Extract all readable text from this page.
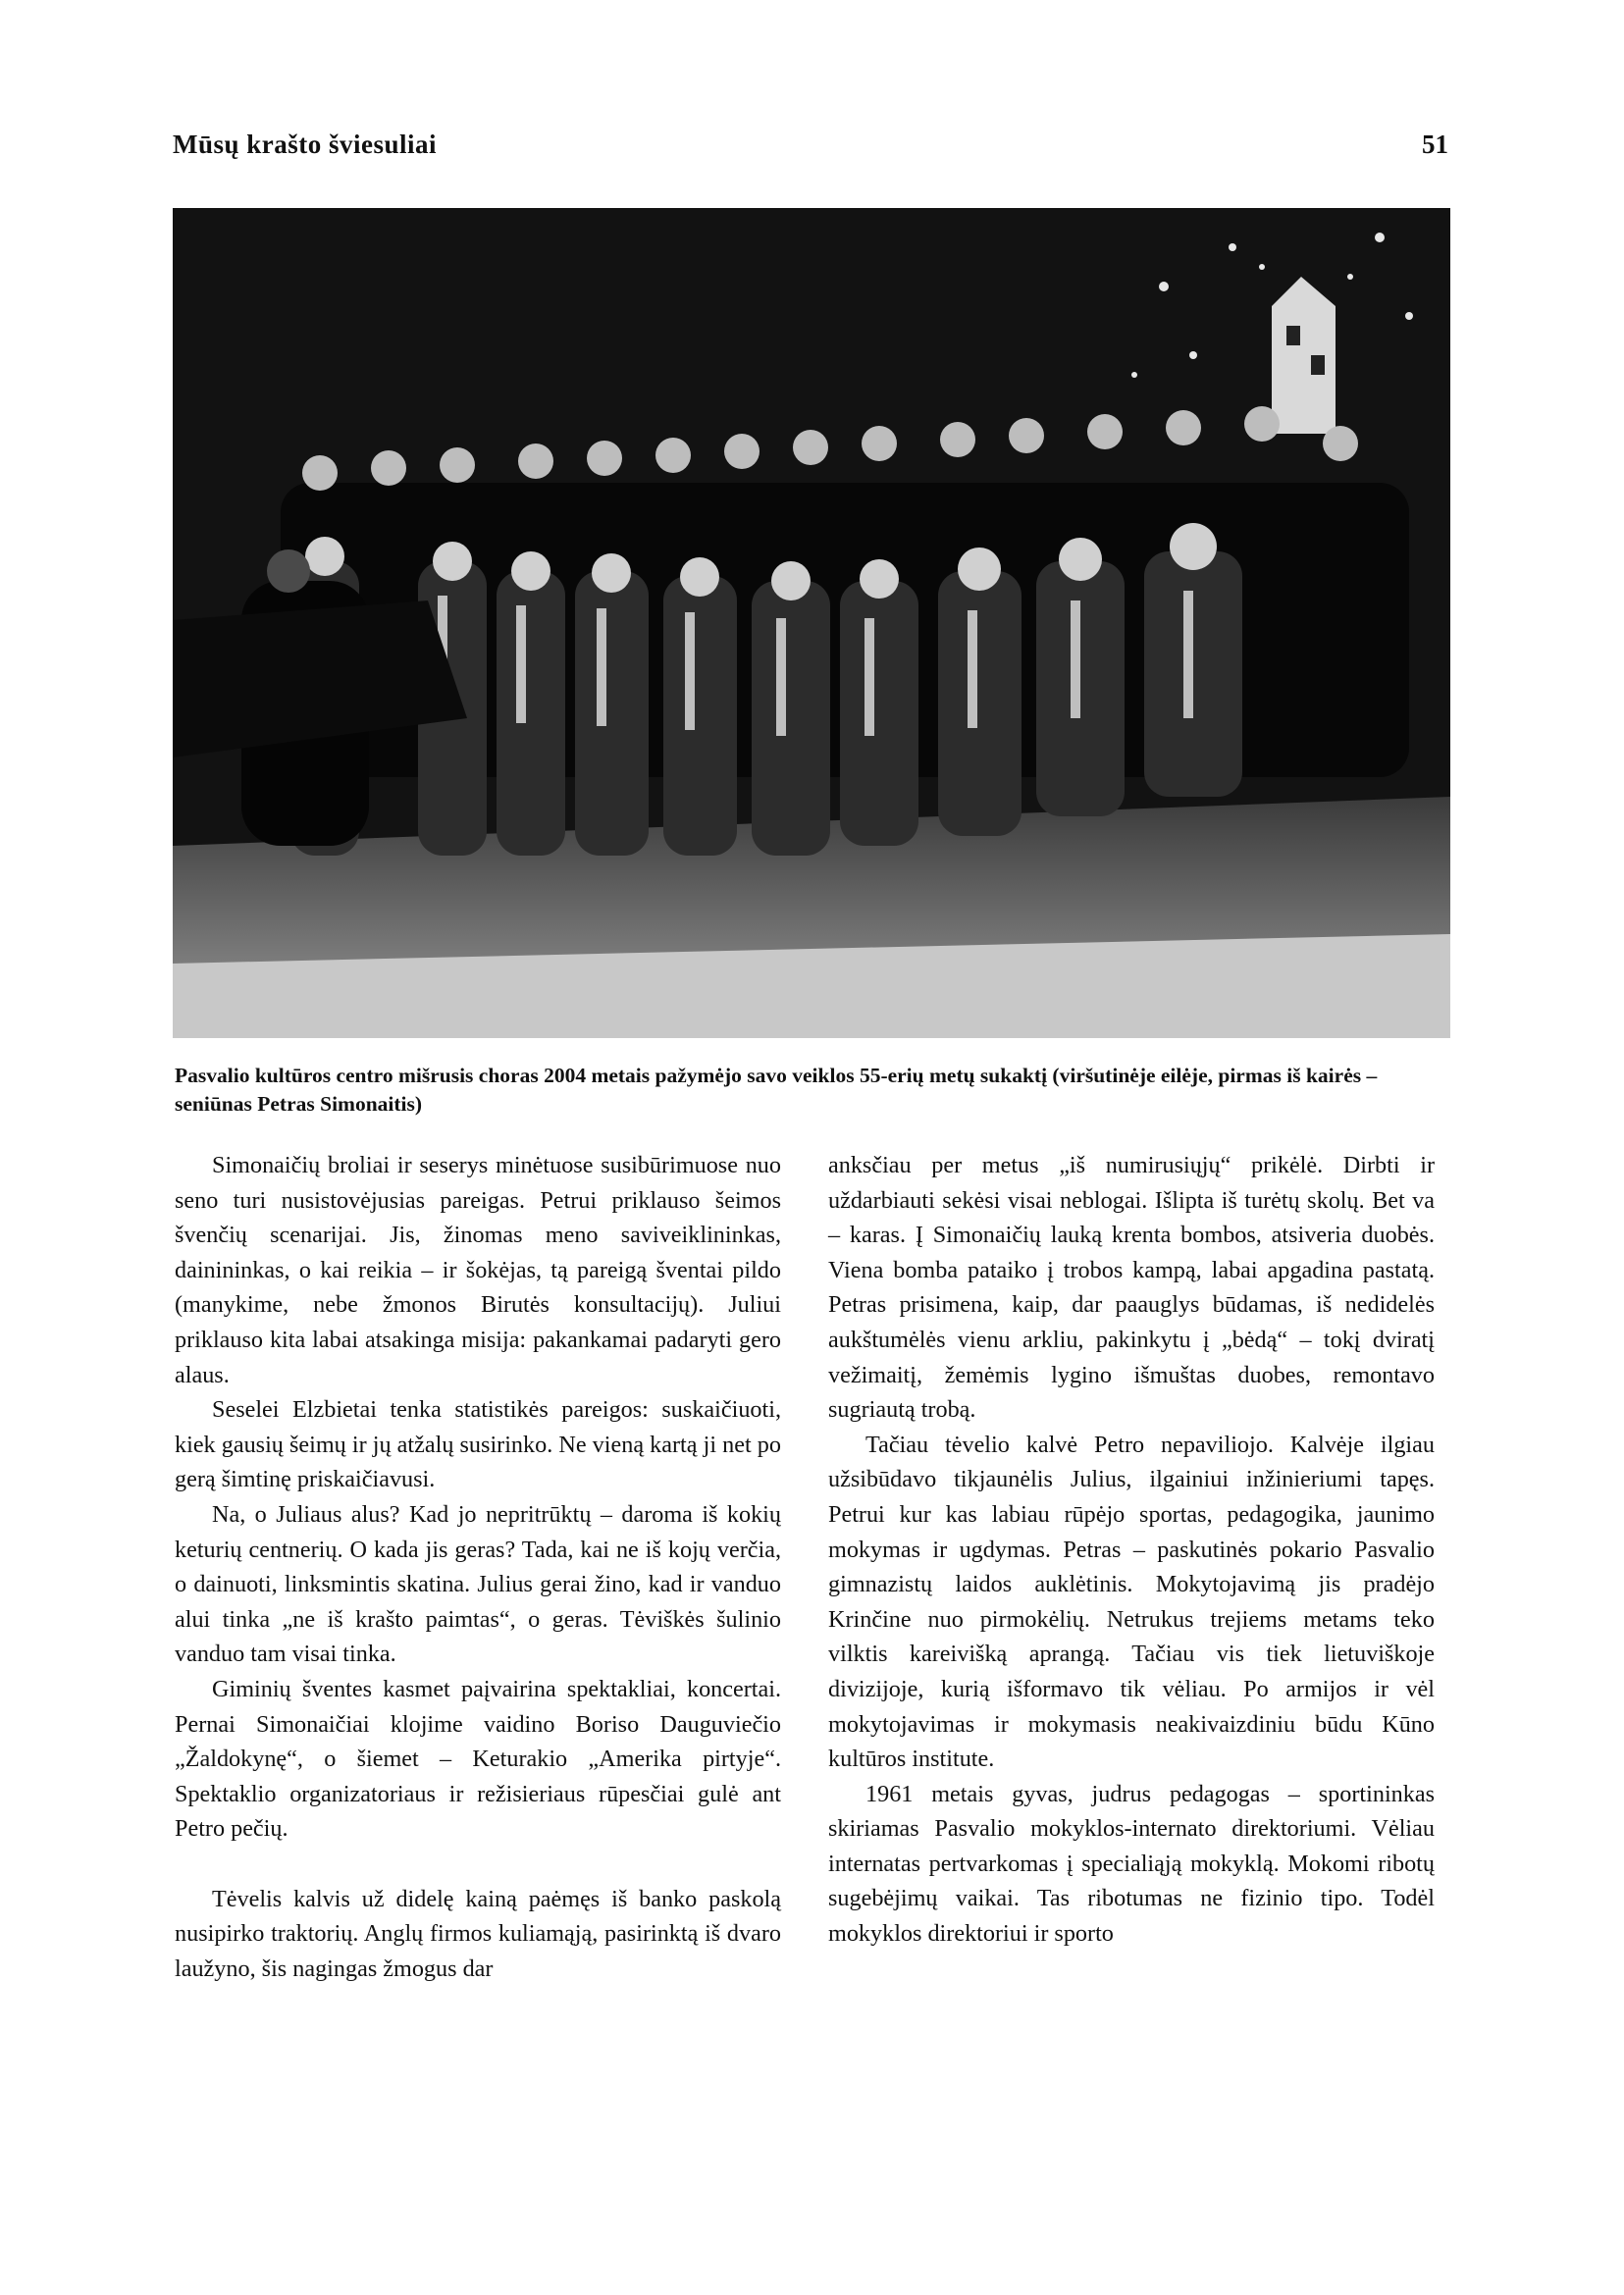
Mūsų krašto šviesuliai	51
Pasvalio kultūros centro mišrusis choras 2004 metais pažymėjo savo veiklos 55-erių metų sukaktį (viršutinėje eilėje, pirmas iš kairės – seniūnas Petras Simonaitis)

Simonaičių broliai ir seserys minėtuose susibūrimuose nuo seno turi nusistovėjusias pareigas. Petrui priklauso šeimos švenčių scenarijai. Jis, žinomas meno saviveiklininkas, dainininkas, o kai reikia – ir šokėjas, tą pareigą šventai pildo (manykime, nebe žmonos Birutės konsultacijų). Juliui priklauso kita labai atsakinga misija: pakankamai padaryti gero alaus.

Seselei Elzbietai tenka statistikės pareigos: suskaičiuoti, kiek gausių šeimų ir jų atžalų susirinko. Ne vieną kartą ji net po gerą šimtinę priskaičiavusi.

Na, o Juliaus alus? Kad jo nepritrūktų – daroma iš kokių keturių centnerių. O kada jis geras? Tada, kai ne iš kojų verčia, o dainuoti, linksmintis skatina. Julius gerai žino, kad ir vanduo alui tinka „ne iš krašto paimtas“, o geras. Tėviškės šulinio vanduo tam visai tinka.

Giminių šventes kasmet paįvairina spektakliai, koncertai. Pernai Simonaičiai klojime vaidino Boriso Dauguviečio „Žaldokynę“, o šiemet – Keturakio „Amerika pirtyje“. Spektaklio organizatoriaus ir režisieriaus rūpesčiai gulė ant Petro pečių.

Tėvelis kalvis už didelę kainą paėmęs iš banko paskolą nusipirko traktorių. Anglų firmos kuliamąją, pasirinktą iš dvaro laužyno, šis nagingas žmogus dar

anksčiau per metus „iš numirusiųjų“ prikėlė. Dirbti ir uždarbiauti sekėsi visai neblogai. Išlipta iš turėtų skolų. Bet va – karas. Į Simonaičių lauką krenta bombos, atsiveria duobės. Viena bomba pataiko į trobos kampą, labai apgadina pastatą. Petras prisimena, kaip, dar paauglys būdamas, iš nedidelės aukštumėlės vienu arkliu, pakinkytu į „bėdą“ – tokį dviratį vežimaitį, žemėmis lygino išmuštas duobes, remontavo sugriautą trobą.

Tačiau tėvelio kalvė Petro nepaviliojo. Kalvėje ilgiau užsibūdavo tikjaunėlis Julius, ilgainiui inžinieriumi tapęs. Petrui kur kas labiau rūpėjo sportas, pedagogika, jaunimo mokymas ir ugdymas. Petras – paskutinės pokario Pasvalio gimnazistų laidos auklėtinis. Mokytojavimą jis pradėjo Krinčine nuo pirmokėlių. Netrukus trejiems metams teko vilktis kareivišką aprangą. Tačiau vis tiek lietuviškoje divizijoje, kurią išformavo tik vėliau. Po armijos ir vėl mokytojavimas ir mokymasis neakivaizdiniu būdu Kūno kultūros institute.

1961 metais gyvas, judrus pedagogas – sportininkas skiriamas Pasvalio mokyklos-internato direktoriumi. Vėliau internatas pertvarkomas į specialiąją mokyklą. Mokomi ribotų sugebėjimų vaikai. Tas ribotumas ne fizinio tipo. Todėl mokyklos direktoriui ir sporto
